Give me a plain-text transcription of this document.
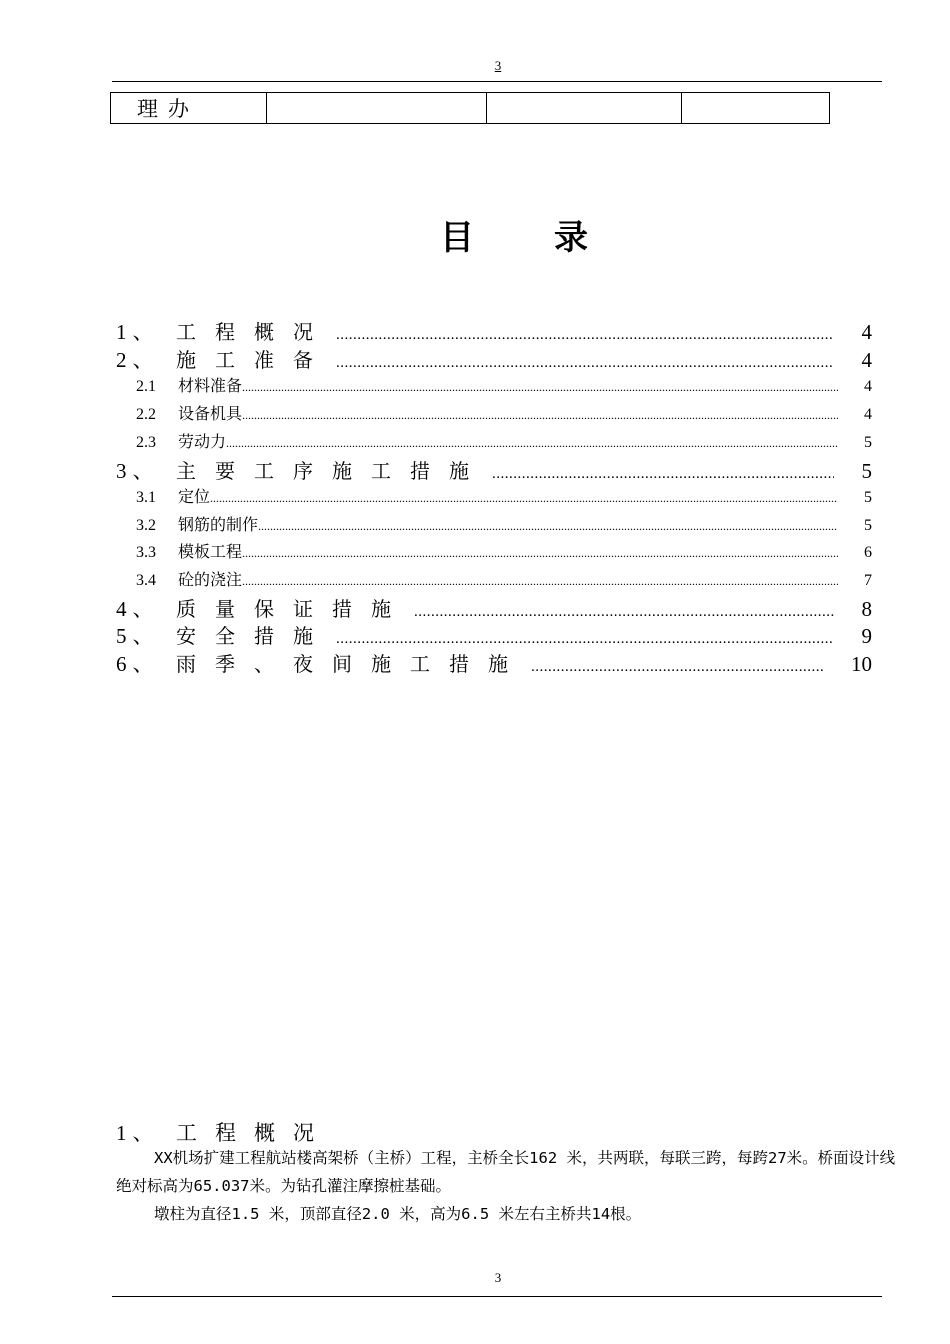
3
理办			
目录
1、 工程概况 .....	4
2、 施工准备 .....	4
2.1	材料准备 .....	4
2.2	设备机具 .....	4
2.3	劳动力 .....	5
3、 主要工序施工措施 .....	5
3.1	定位 .....	5
3.2	钢筋的制作 .....	5
3.3	模板工程 .....	6
3.4	砼的浇注 .....	7
4、 质量保证措施 .....	8
5、 安全措施 .....	9
6、 雨季、夜间施工措施 .....	10
1、 工程概况
XX机场扩建工程航站楼高架桥（主桥）工程，主桥全长162 米，共两联，每联三跨，每跨27米。桥面设计线绝对标高为65.037米。为钻孔灌注摩擦桩基础。
墩柱为直径1.5 米，顶部直径2.0 米，高为6.5 米左右主桥共14根。
3
